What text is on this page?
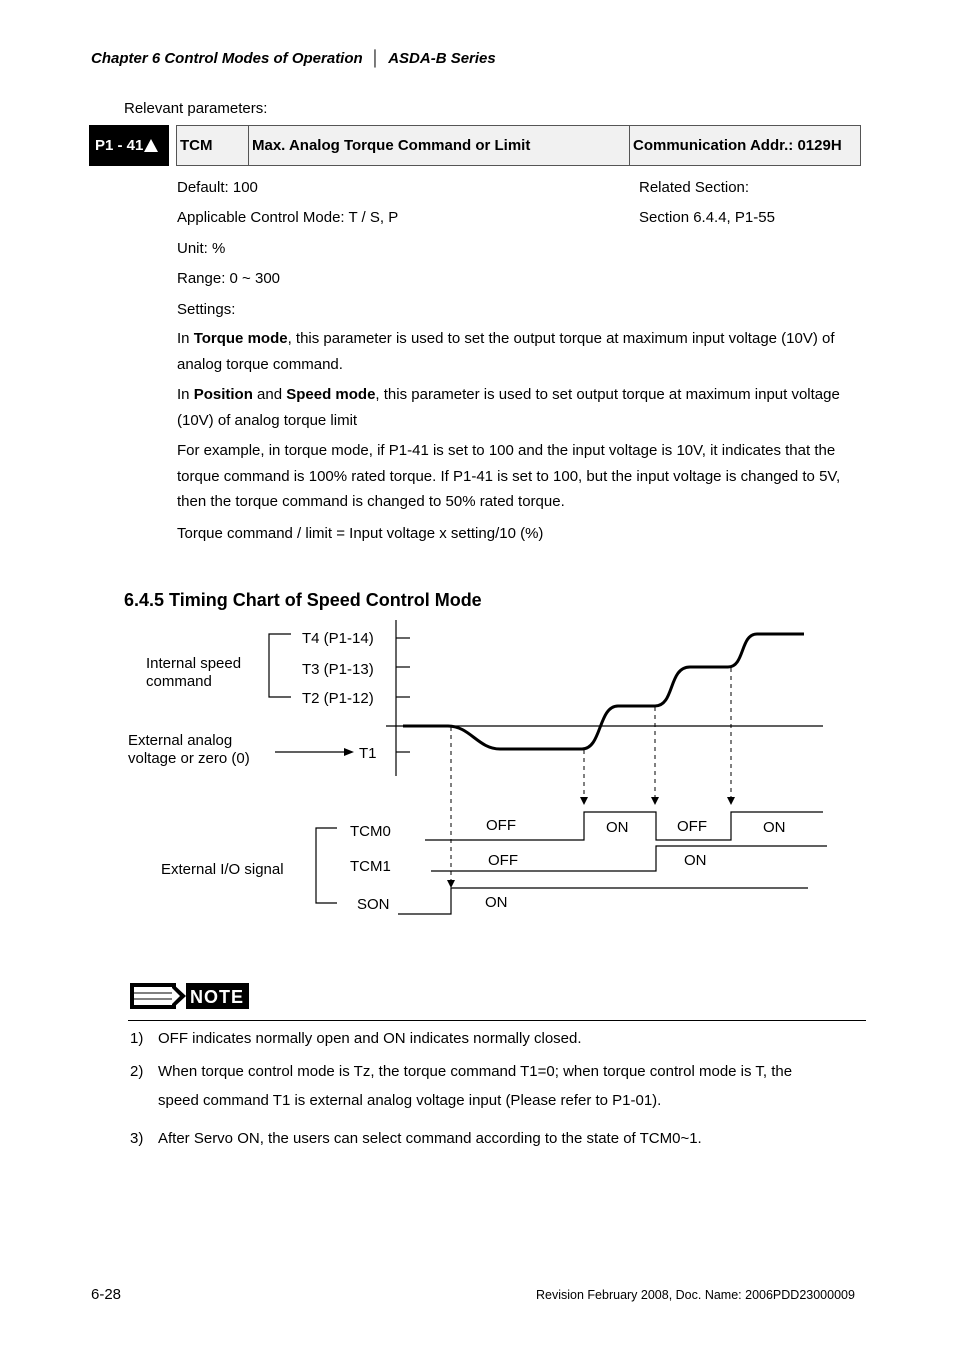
Chapter 6 Control Modes of Operation  │  ASDA-B Series
Relevant parameters:
P1 - 41 TCM	Max. Analog Torque Command or Limit	Communication Addr.: 0129H
Default: 100	Related Section:
Applicable Control Mode: T / S, P	Section 6.4.4, P1-55
Unit: %
Range: 0 ~ 300
Settings:
In Torque mode, this parameter is used to set the output torque at maximum input voltage (10V) of analog torque command.
In Position and Speed mode, this parameter is used to set output torque at maximum input voltage (10V) of analog torque limit
For example, in torque mode, if P1-41 is set to 100 and the input voltage is 10V, it indicates that the torque command is 100% rated torque. If P1-41 is set to 100, but the input voltage is changed to 5V, then the torque command is changed to 50% rated torque.
Torque command / limit = Input voltage x setting/10 (%)
6.4.5 Timing Chart of Speed Control Mode
Internal speed
command
T4 (P1-14)
T3 (P1-13)
T2 (P1-12)
External analog
voltage or zero (0)	T1
External I/O signal
TCM0
TCM1
SON
OFF	ON	OFF	ON
OFF	ON
ON
NOTE
1) OFF indicates normally open and ON indicates normally closed.
2) When torque control mode is Tz, the torque command T1=0; when torque control mode is T, the
speed command T1 is external analog voltage input (Please refer to P1-01).
3) After Servo ON, the users can select command according to the state of TCM0~1.
6-28	Revision February 2008, Doc. Name: 2006PDD23000009
